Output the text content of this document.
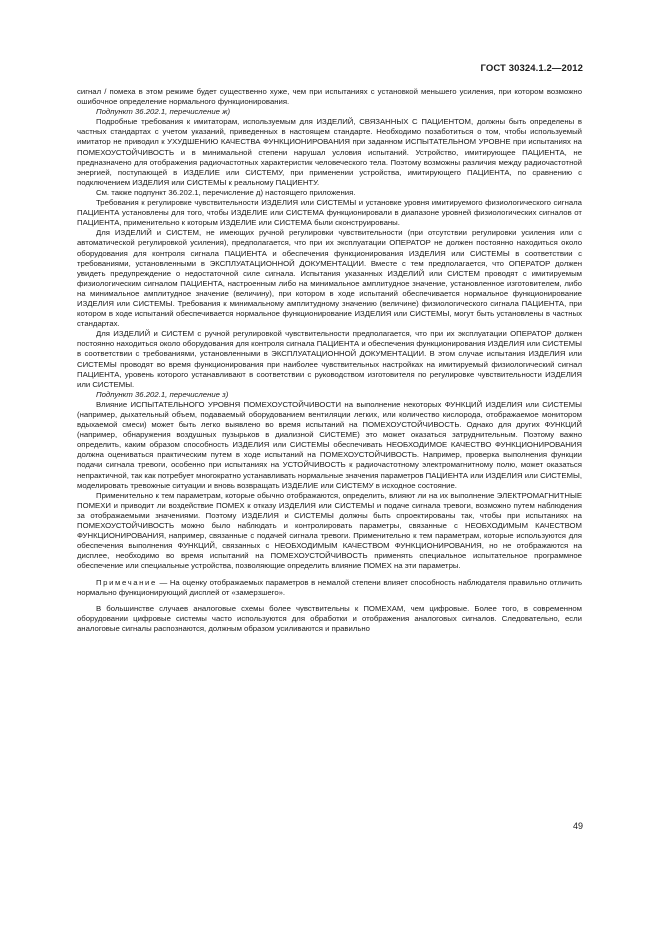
ГОСТ 30324.1.2—2012

сигнал / помеха в этом режиме будет существенно хуже, чем при испытаниях с установкой меньшего усиления, при котором возможно ошибочное определение нормального функционирования.

Подпункт 36.202.1, перечисление ж)

Подробные требования к имитаторам, используемым для ИЗДЕЛИЙ, СВЯЗАННЫХ С ПАЦИЕНТОМ, должны быть определены в частных стандартах с учетом указаний, приведенных в настоящем стандарте. Необходимо позаботиться о том, чтобы используемый имитатор не приводил к УХУДШЕНИЮ КАЧЕСТВА ФУНКЦИОНИРОВАНИЯ при заданном ИСПЫТАТЕЛЬНОМ УРОВНЕ при испытаниях на ПОМЕХОУСТОЙЧИВОСТЬ и в минимальной степени нарушал условия испытаний. Устройство, имитирующее ПАЦИЕНТА, не предназначено для отображения радиочастотных характеристик человеческого тела. Поэтому возможны различия между радиочастотной энергией, поступающей в ИЗДЕЛИЕ или СИСТЕМУ, при применении устройства, имитирующего ПАЦИЕНТА, по сравнению с подключением ИЗДЕЛИЯ или СИСТЕМЫ к реальному ПАЦИЕНТУ.

См. также подпункт 36.202.1, перечисление д) настоящего приложения.

Требования к регулировке чувствительности ИЗДЕЛИЯ или СИСТЕМЫ и установке уровня имитируемого физиологического сигнала ПАЦИЕНТА установлены для того, чтобы ИЗДЕЛИЕ или СИСТЕМА функционировали в диапазоне уровней физиологических сигналов от ПАЦИЕНТА, применительно к которым ИЗДЕЛИЕ или СИСТЕМА были сконструированы.

Для ИЗДЕЛИЙ и СИСТЕМ, не имеющих ручной регулировки чувствительности (при отсутствии регулировки усиления или с автоматической регулировкой усиления), предполагается, что при их эксплуатации ОПЕРАТОР не должен постоянно находиться около оборудования для контроля сигнала ПАЦИЕНТА и обеспечения функционирования ИЗДЕЛИЯ или СИСТЕМЫ в соответствии с требованиями, установленными в ЭКСПЛУАТАЦИОННОЙ ДОКУМЕНТАЦИИ. Вместе с тем предполагается, что ОПЕРАТОР должен увидеть предупреждение о недостаточной силе сигнала. Испытания указанных ИЗДЕЛИЙ или СИСТЕМ проводят с имитируемым физиологическим сигналом ПАЦИЕНТА, настроенным либо на минимальное амплитудное значение, установленное изготовителем, либо на минимальное амплитудное значение (величину), при котором в ходе испытаний обеспечивается нормальное функционирование ИЗДЕЛИЯ или СИСТЕМЫ. Требования к минимальному амплитудному значению (величине) физиологического сигнала ПАЦИЕНТА, при котором в ходе испытаний обеспечивается нормальное функционирование ИЗДЕЛИЯ или СИСТЕМЫ, могут быть установлены в частных стандартах.

Для ИЗДЕЛИЙ и СИСТЕМ с ручной регулировкой чувствительности предполагается, что при их эксплуатации ОПЕРАТОР должен постоянно находиться около оборудования для контроля сигнала ПАЦИЕНТА и обеспечения функционирования ИЗДЕЛИЯ или СИСТЕМЫ в соответствии с требованиями, установленными в ЭКСПЛУАТАЦИОННОЙ ДОКУМЕНТАЦИИ. В этом случае испытания ИЗДЕЛИЯ или СИСТЕМЫ проводят во время функционирования при наиболее чувствительных настройках на имитируемый физиологический сигнал ПАЦИЕНТА, уровень которого устанавливают в соответствии с руководством изготовителя по регулировке чувствительности ИЗДЕЛИЯ или СИСТЕМЫ.

Подпункт 36.202.1, перечисление з)

Влияние ИСПЫТАТЕЛЬНОГО УРОВНЯ ПОМЕХОУСТОЙЧИВОСТИ на выполнение некоторых ФУНКЦИЙ ИЗДЕЛИЯ или СИСТЕМЫ (например, дыхательный объем, подаваемый оборудованием вентиляции легких, или количество кислорода, отображаемое монитором вдыхаемой смеси) может быть легко выявлено во время испытаний на ПОМЕХОУСТОЙЧИВОСТЬ. Однако для других ФУНКЦИЙ (например, обнаружения воздушных пузырьков в диализной СИСТЕМЕ) это может оказаться затруднительным. Поэтому важно определить, каким образом способность ИЗДЕЛИЯ или СИСТЕМЫ обеспечивать НЕОБХОДИМОЕ КАЧЕСТВО ФУНКЦИОНИРОВАНИЯ должна оцениваться практическим путем в ходе испытаний на ПОМЕХОУСТОЙЧИВОСТЬ. Например, проверка выполнения функции подачи сигнала тревоги, особенно при испытаниях на УСТОЙЧИВОСТЬ к радиочастотному электромагнитному полю, может оказаться непрактичной, так как потребует многократно устанавливать нормальные значения параметров ПАЦИЕНТА или ИЗДЕЛИЯ или СИСТЕМЫ, моделировать тревожные ситуации и вновь возвращать ИЗДЕЛИЕ или СИСТЕМУ в исходное состояние.

Применительно к тем параметрам, которые обычно отображаются, определить, влияют ли на их выполнение ЭЛЕКТРОМАГНИТНЫЕ ПОМЕХИ и приводит ли воздействие ПОМЕХ к отказу ИЗДЕЛИЯ или СИСТЕМЫ и подаче сигнала тревоги, возможно путем наблюдения за отображаемыми значениями. Поэтому ИЗДЕЛИЯ и СИСТЕМЫ должны быть спроектированы так, чтобы при испытаниях на ПОМЕХОУСТОЙЧИВОСТЬ можно было наблюдать и контролировать параметры, связанные с НЕОБХОДИМЫМ КАЧЕСТВОМ ФУНКЦИОНИРОВАНИЯ, например, связанные с подачей сигнала тревоги. Применительно к тем параметрам, которые используются для обеспечения выполнения ФУНКЦИЙ, связанных с НЕОБХОДИМЫМ КАЧЕСТВОМ ФУНКЦИОНИРОВАНИЯ, но не отображаются на дисплее, необходимо во время испытаний на ПОМЕХОУСТОЙЧИВОСТЬ применять специальное испытательное программное обеспечение или специальные устройства, позволяющие определить влияние ПОМЕХ на эти параметры.

Примечание — На оценку отображаемых параметров в немалой степени влияет способность наблюдателя правильно отличить нормально функционирующий дисплей от «замерзшего».

В большинстве случаев аналоговые схемы более чувствительны к ПОМЕХАМ, чем цифровые. Более того, в современном оборудовании цифровые системы часто используются для обработки и отображения аналоговых сигналов. Следовательно, если аналоговые сигналы распознаются, должным образом усиливаются и правильно

49
